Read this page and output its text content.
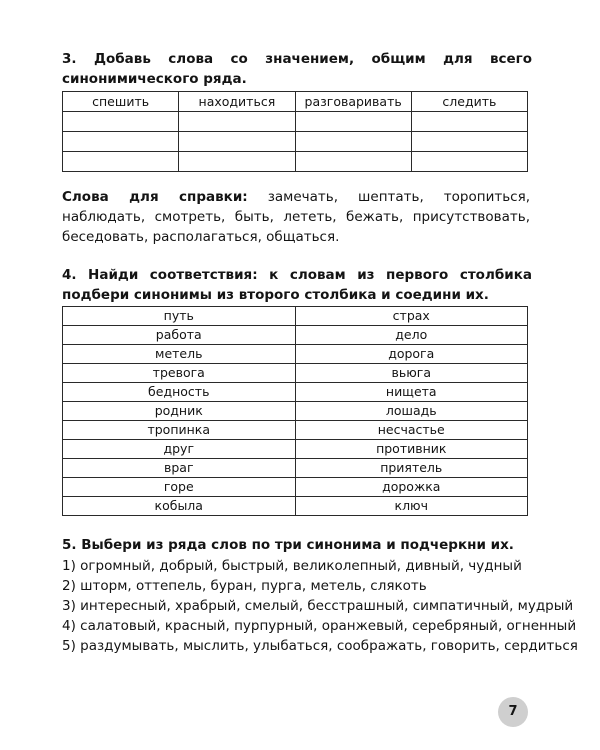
3. Добавь слова со значением, общим для всего синонимического ряда.
спешить	находиться	разговаривать	следить

Слова для справки: замечать, шептать, торопиться, наблюдать, смотреть, быть, лететь, бежать, присутствовать, беседовать, располагаться, общаться.

4. Найди соответствия: к словам из первого столбика подбери синонимы из второго столбика и соедини их.
путь	страх
работа	дело
метель	дорога
тревога	вьюга
бедность	нищета
родник	лошадь
тропинка	несчастье
друг	противник
враг	приятель
горе	дорожка
кобыла	ключ
5. Выбери из ряда слов по три синонима и подчеркни их.

1) огромный, добрый, быстрый, великолепный, дивный, чудный

2) шторм, оттепель, буран, пурга, метель, слякоть

3) интересный, храбрый, смелый, бесстрашный, симпатичный, мудрый

4) салатовый, красный, пурпурный, оранжевый, серебряный, огненный

5) раздумывать, мыслить, улыбаться, соображать, говорить, сердиться

7
